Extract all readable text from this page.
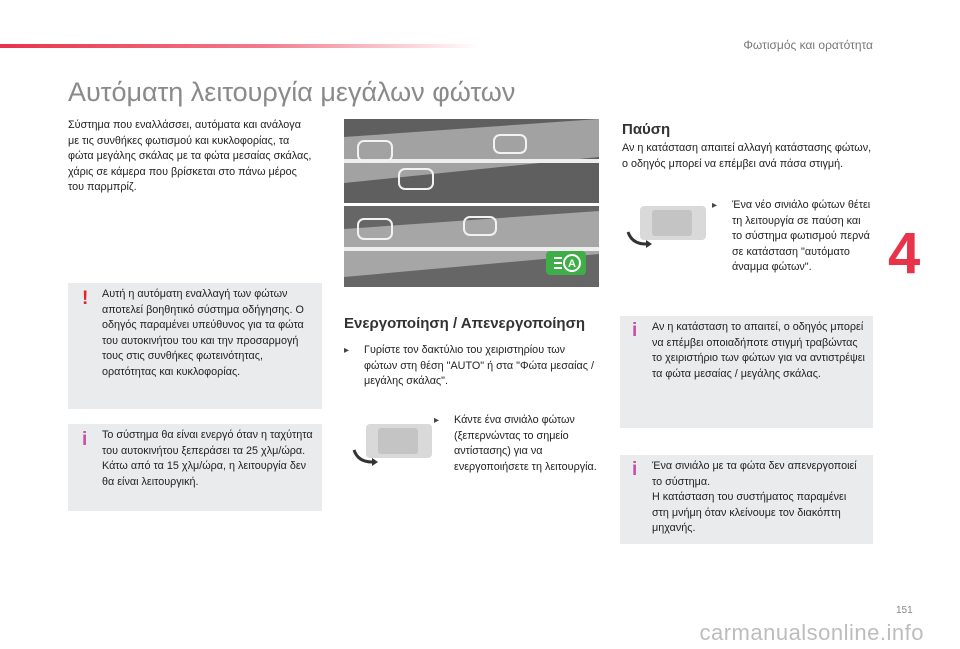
Φωτισμός και ορατότητα
Αυτόματη λειτουργία μεγάλων φώτων

Σύστημα που εναλλάσσει, αυτόματα και ανάλογα με τις συνθήκες φωτισμού και κυκλοφορίας, τα φώτα μεγάλης σκάλας με τα φώτα μεσαίας σκάλας, χάρις σε κάμερα που βρίσκεται στο πάνω μέρος του παρμπρίζ.

! Αυτή η αυτόματη εναλλαγή των φώτων αποτελεί βοηθητικό σύστημα οδήγησης. Ο οδηγός παραμένει υπεύθυνος για τα φώτα του αυτοκινήτου του και την προσαρμογή τους στις συνθήκες φωτεινότητας, ορατότητας και κυκλοφορίας.
i Το σύστημα θα είναι ενεργό όταν η ταχύτητα του αυτοκινήτου ξεπεράσει τα 25 χλμ/ώρα.
Κάτω από τα 15 χλμ/ώρα, η λειτουργία δεν θα είναι λειτουργική.
A
Ενεργοποίηση / Απενεργοποίηση
▸ Γυρίστε τον δακτύλιο του χειριστηρίου των φώτων στη θέση "AUTO" ή στα "Φώτα μεσαίας / μεγάλης σκάλας".
▸ Κάντε ένα σινιάλο φώτων (ξεπερνώντας το σημείο αντίστασης) για να ενεργοποιήσετε τη λειτουργία.
Παύση

Αν η κατάσταση απαιτεί αλλαγή κατάστασης φώτων, ο οδηγός μπορεί να επέμβει ανά πάσα στιγμή.

▸ Ένα νέο σινιάλο φώτων θέτει τη λειτουργία σε παύση και το σύστημα φωτισμού περνά σε κατάσταση "αυτόματο άναμμα φώτων".
i Αν η κατάσταση το απαιτεί, ο οδηγός μπορεί να επέμβει οποιαδήποτε στιγμή τραβώντας το χειριστήριο των φώτων για να αντιστρέψει τα φώτα μεσαίας / μεγάλης σκάλας.
i Ένα σινιάλο με τα φώτα δεν απενεργοποιεί το σύστημα.
Η κατάσταση του συστήματος παραμένει στη μνήμη όταν κλείνουμε τον διακόπτη μηχανής.
4
151
carmanualsonline.info
